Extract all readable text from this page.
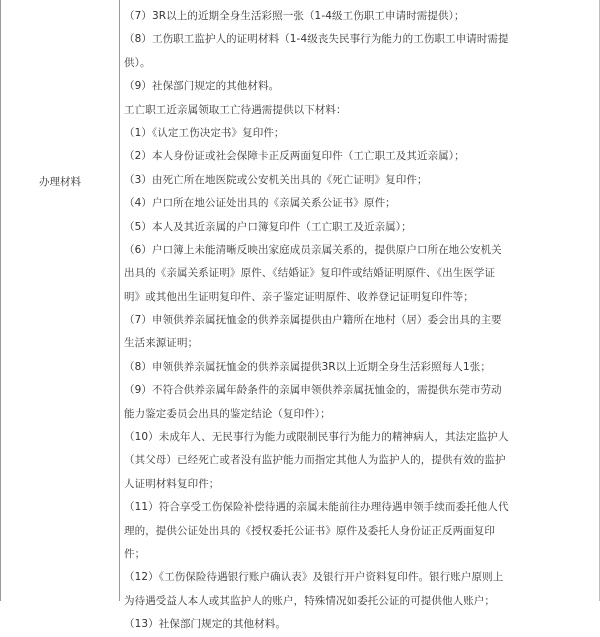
办理材料
（7）3R以上的近期全身生活彩照一张（1-4级工伤职工申请时需提供）；
（8）工伤职工监护人的证明材料（1-4级丧失民事行为能力的工伤职工申请时需提
供）。
（9）社保部门规定的其他材料。
工亡职工近亲属领取工亡待遇需提供以下材料：
（1）《认定工伤决定书》复印件；
（2）本人身份证或社会保障卡正反两面复印件（工亡职工及其近亲属）；
（3）由死亡所在地医院或公安机关出具的《死亡证明》复印件；
（4）户口所在地公证处出具的《亲属关系公证书》原件；
（5）本人及其近亲属的户口簿复印件（工亡职工及近亲属）；
（6）户口簿上未能清晰反映出家庭成员亲属关系的，提供原户口所在地公安机关
出具的《亲属关系证明》原件、《结婚证》复印件或结婚证明原件、《出生医学证
明》或其他出生证明复印件、亲子鉴定证明原件、收养登记证明复印件等；
（7）申领供养亲属抚恤金的供养亲属提供由户籍所在地村（居）委会出具的主要
生活来源证明；
（8）申领供养亲属抚恤金的供养亲属提供3R以上近期全身生活彩照每人1张；
（9）不符合供养亲属年龄条件的亲属申领供养亲属抚恤金的，需提供东莞市劳动
能力鉴定委员会出具的鉴定结论（复印件）；
（10）未成年人、无民事行为能力或限制民事行为能力的精神病人，其法定监护人
（其父母）已经死亡或者没有监护能力而指定其他人为监护人的，提供有效的监护
人证明材料复印件；
（11）符合享受工伤保险补偿待遇的亲属未能前往办理待遇申领手续而委托他人代
理的，提供公证处出具的《授权委托公证书》原件及委托人身份证正反两面复印
件；
（12）《工伤保险待遇银行账户确认表》及银行开户资料复印件。银行账户原则上
为待遇受益人本人或其监护人的账户，特殊情况如委托公证的可提供他人账户；
（13）社保部门规定的其他材料。
